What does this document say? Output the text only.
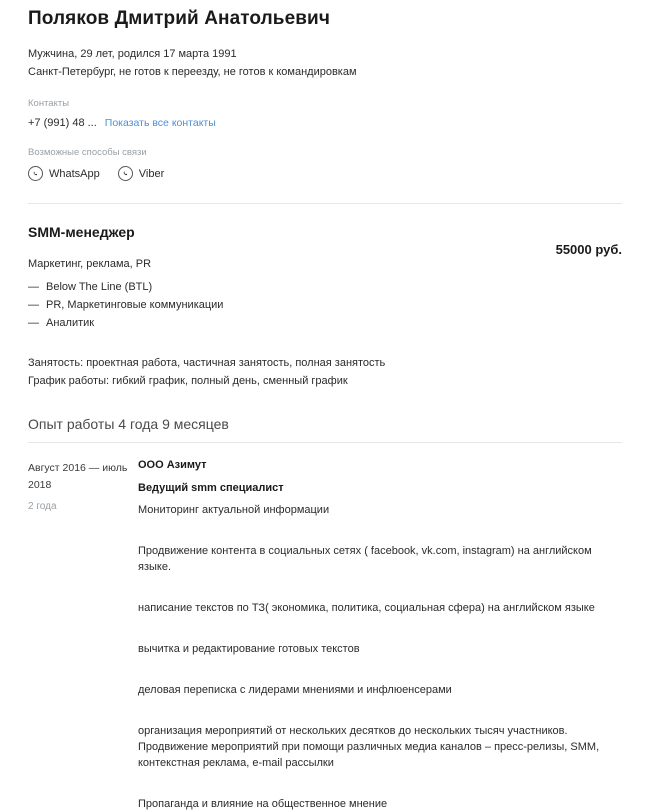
Поляков Дмитрий Анатольевич
Мужчина, 29 лет, родился 17 марта 1991
Санкт-Петербург, не готов к переезду, не готов к командировкам
Контакты
+7 (991) 48 ... Показать все контакты
Возможные способы связи
WhatsApp	Viber
SMM-менеджер
Маркетинг, реклама, PR
— Below The Line (BTL)
— PR, Маркетинговые коммуникации
— Аналитик
55000 руб.
Занятость: проектная работа, частичная занятость, полная занятость
График работы: гибкий график, полный день, сменный график
Опыт работы 4 года 9 месяцев
Август 2016 — июль 2018
2 года
ООО Азимут
Ведущий smm специалист

Мониторинг актуальной информации

Продвижение контента в социальных сетях ( facebook, vk.com, instagram) на английском языке.

написание текстов по ТЗ( экономика, политика, социальная сфера) на английском языке

вычитка и редактирование готовых текстов

деловая переписка с лидерами мнениями и инфлюенсерами

организация мероприятий от нескольких десятков до нескольких тысяч участников. Продвижение мероприятий при помощи различных медиа каналов – пресс-релизы, SMM, контекстная реклама, e-mail рассылки

Пропаганда и влияние на общественное мнение
